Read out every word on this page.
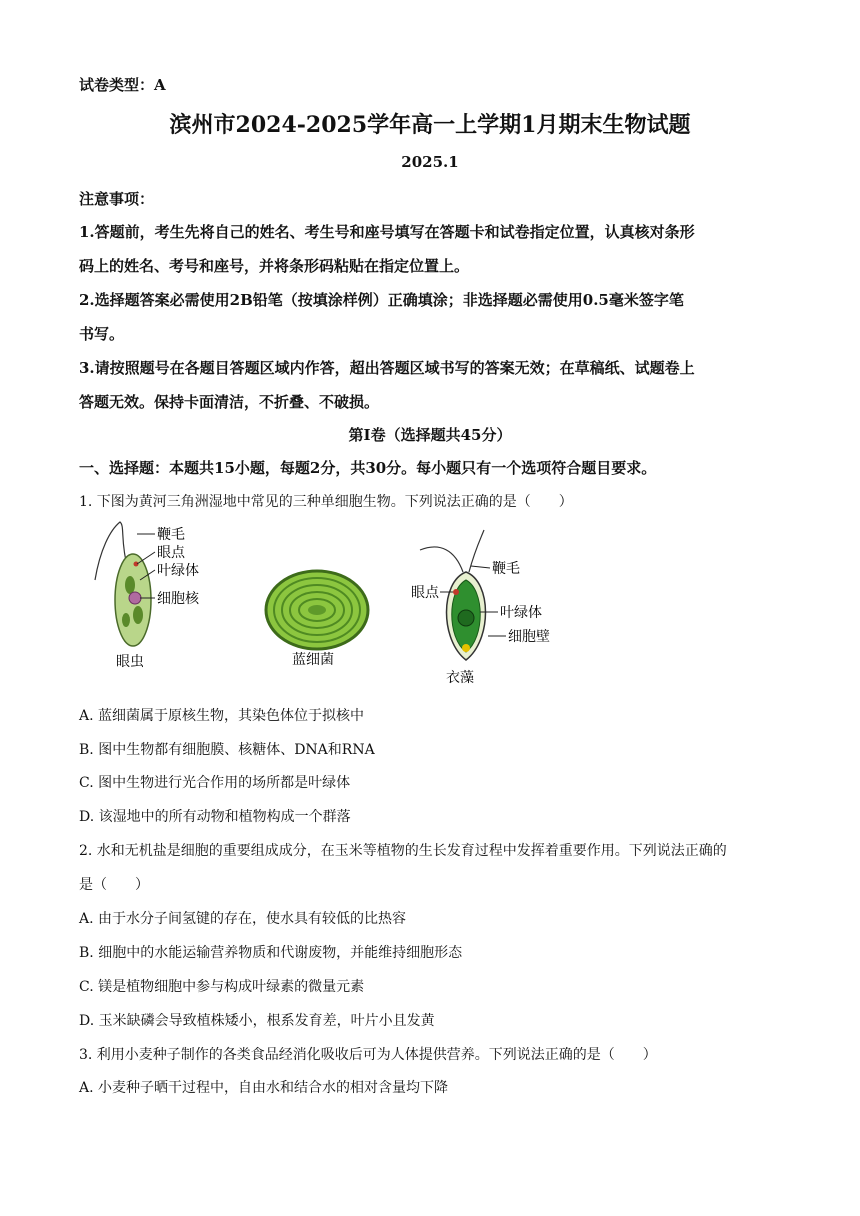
试卷类型：A
滨州市2024-2025学年高一上学期1月期末生物试题
2025.1
注意事项：
1.答题前，考生先将自己的姓名、考生号和座号填写在答题卡和试卷指定位置，认真核对条形
码上的姓名、考号和座号，并将条形码粘贴在指定位置上。
2.选择题答案必需使用2B铅笔（按填涂样例）正确填涂；非选择题必需使用0.5毫米签字笔
书写。
3.请按照题号在各题目答题区域内作答，超出答题区域书写的答案无效；在草稿纸、试题卷上
答题无效。保持卡面清洁，不折叠、不破损。
第Ⅰ卷（选择题共45分）
一、选择题：本题共15小题，每题2分，共30分。每小题只有一个选项符合题目要求。
1. 下图为黄河三角洲湿地中常见的三种单细胞生物。下列说法正确的是（　　）
鞭毛
眼点
叶绿体
细胞核
眼虫	蓝细菌
鞭毛
眼点
叶绿体
细胞壁
衣藻
A. 蓝细菌属于原核生物，其染色体位于拟核中
B. 图中生物都有细胞膜、核糖体、DNA和RNA
C. 图中生物进行光合作用的场所都是叶绿体
D. 该湿地中的所有动物和植物构成一个群落
2. 水和无机盐是细胞的重要组成成分，在玉米等植物的生长发育过程中发挥着重要作用。下列说法正确的
是（　　）
A. 由于水分子间氢键的存在，使水具有较低的比热容
B. 细胞中的水能运输营养物质和代谢废物，并能维持细胞形态
C. 镁是植物细胞中参与构成叶绿素的微量元素
D. 玉米缺磷会导致植株矮小，根系发育差，叶片小且发黄
3. 利用小麦种子制作的各类食品经消化吸收后可为人体提供营养。下列说法正确的是（　　）
A. 小麦种子晒干过程中，自由水和结合水的相对含量均下降
